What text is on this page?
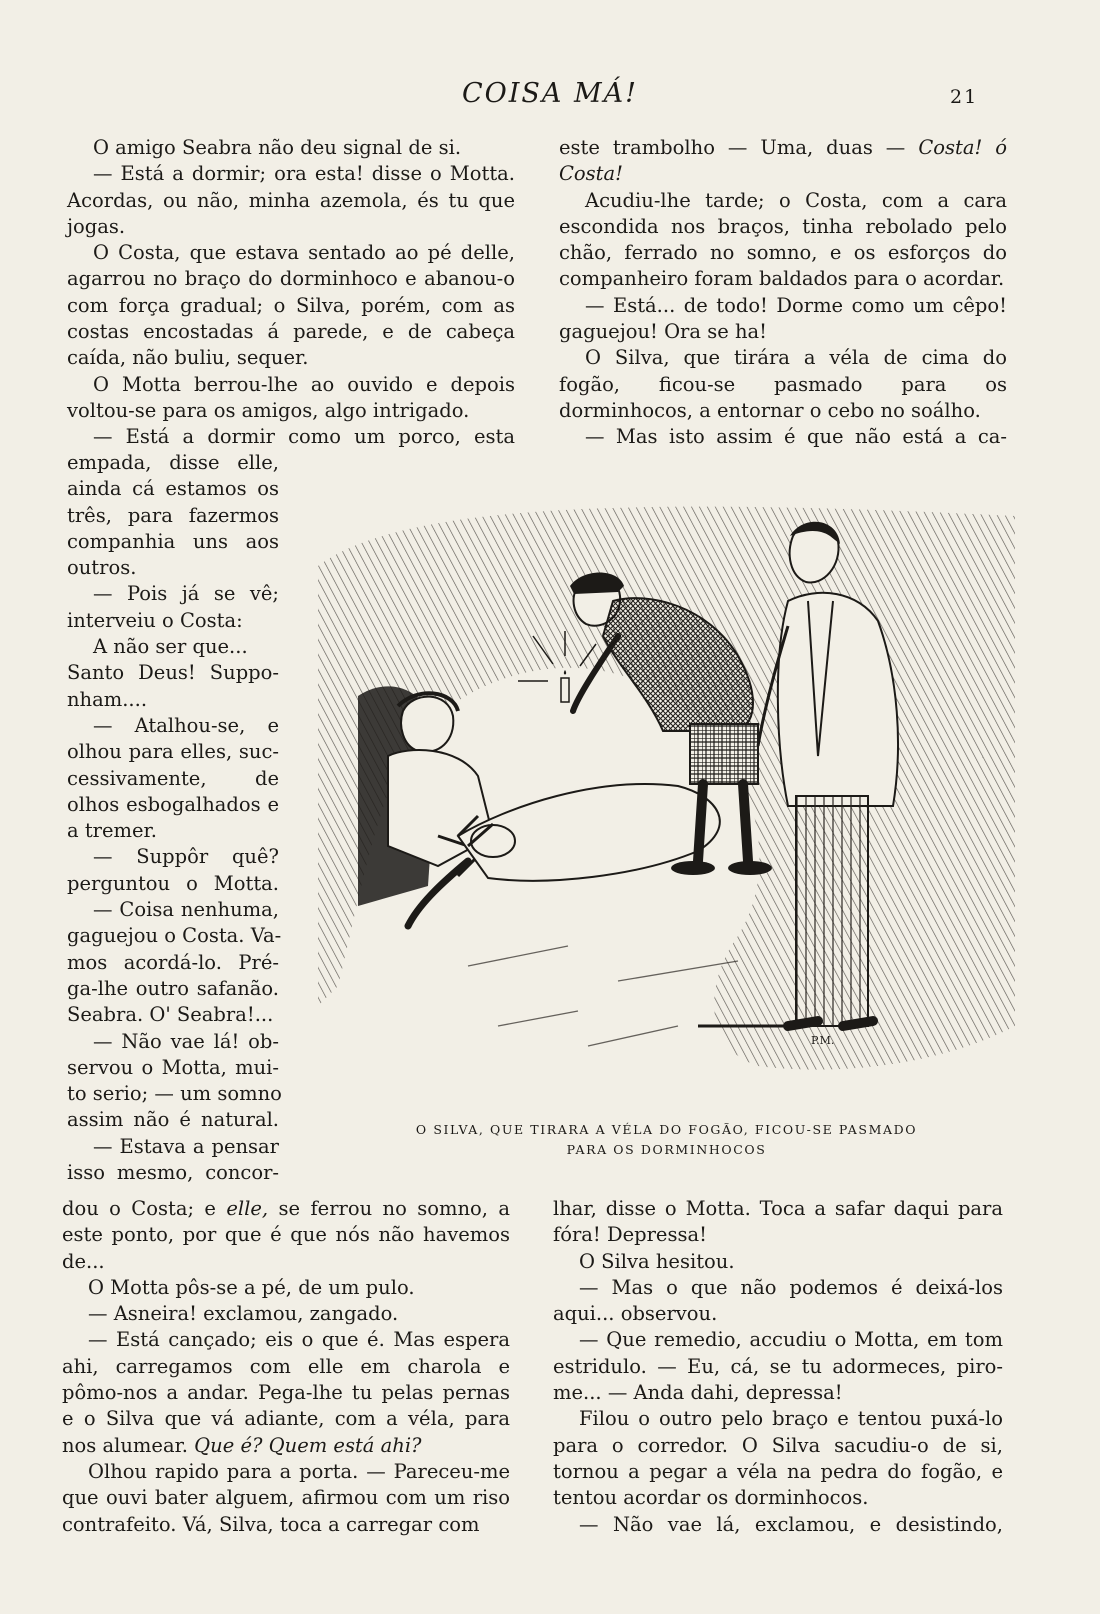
COISA MÁ!	21

O amigo Seabra não deu signal de si.

— Está a dormir; ora esta! disse o Motta. Acordas, ou não, minha azemola, és tu que jogas.

O Costa, que estava sentado ao pé delle, agarrou no braço do dorminhoco e abanou-o com força gradual; o Silva, porém, com as costas encostadas á parede, e de cabeça caída, não buliu, sequer.

O Motta berrou-lhe ao ouvido e depois voltou-se para os amigos, algo intrigado.

— Está a dormir como um porco, esta

empada, disse elle,

ainda cá estamos os

três, para fazermos

companhia uns aos

outros.

— Pois já se vê;

interveiu o Costa:

A não ser que...

Santo Deus! Suppo-

nham....

— Atalhou-se, e

olhou para elles, suc-

cessivamente, de

olhos esbogalhados e

a tremer.

— Suppôr quê?

perguntou o Motta.

— Coisa nenhuma,

gaguejou o Costa. Va-

mos acordá-lo. Pré-

ga-lhe outro safanão.

Seabra. O' Seabra!...

— Não vae lá! ob-

servou o Motta, mui-

to serio; — um somno

assim não é natural.

— Estava a pensar

isso mesmo, concor-

este trambolho — Uma, duas — Costa! ó Costa!

Acudiu-lhe tarde; o Costa, com a cara escondida nos braços, tinha rebolado pelo chão, ferrado no somno, e os esforços do companheiro foram baldados para o acordar.

— Está... de todo! Dorme como um cêpo! gaguejou! Ora se ha!

O Silva, que tirára a véla de cima do fogão, ficou-se pasmado para os dorminhocos, a entornar o cebo no soálho.

— Mas isto assim é que não está a ca-

P.M.
O SILVA, QUE TIRARA A VÉLA DO FOGÃO, FICOU-SE PASMADO
PARA OS DORMINHOCOS

dou o Costa; e elle, se ferrou no somno, a este ponto, por que é que nós não havemos de...

O Motta pôs-se a pé, de um pulo.

— Asneira! exclamou, zangado.

— Está cançado; eis o que é. Mas espera ahi, carregamos com elle em charola e pômo-nos a andar. Pega-lhe tu pelas pernas e o Silva que vá adiante, com a véla, para nos alumear. Que é? Quem está ahi?

Olhou rapido para a porta. — Pareceu-me que ouvi bater alguem, afirmou com um riso contrafeito. Vá, Silva, toca a carregar com

lhar, disse o Motta. Toca a safar daqui para fóra! Depressa!

O Silva hesitou.

— Mas o que não podemos é deixá-los aqui... observou.

— Que remedio, accudiu o Motta, em tom estridulo. — Eu, cá, se tu adormeces, piro-me... — Anda dahi, depressa!

Filou o outro pelo braço e tentou puxá-lo para o corredor. O Silva sacudiu-o de si, tornou a pegar a véla na pedra do fogão, e tentou acordar os dorminhocos.

— Não vae lá, exclamou, e desistindo,
